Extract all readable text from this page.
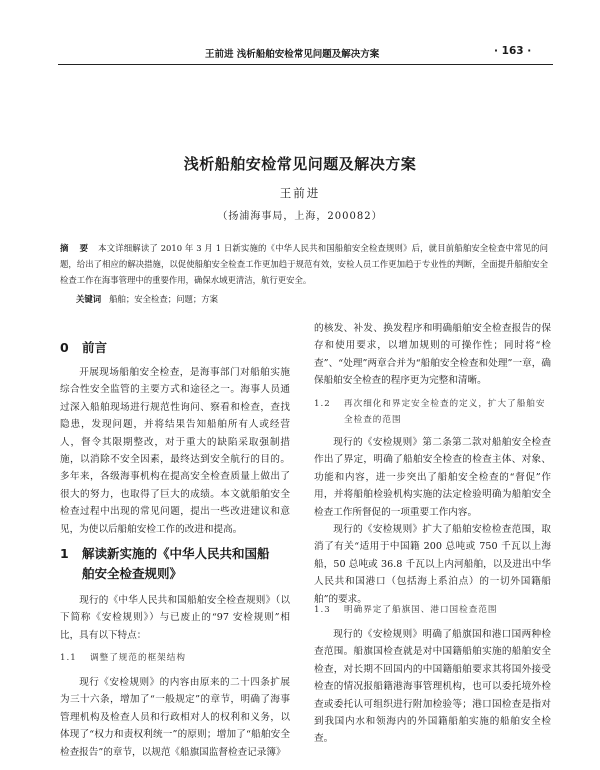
王前进 浅析船舶安检常见问题及解决方案	· 163 ·
浅析船舶安检常见问题及解决方案
王前进
（扬浦海事局，上海，200082）
摘 要 本文详细解读了 2010 年 3 月 1 日新实施的《中华人民共和国船舶安全检查规则》后，就目前船舶安全检查中常见的问题，给出了相应的解决措施，以促使船舶安全检查工作更加趋于规范有效，安检人员工作更加趋于专业性的判断，全面提升船舶安全检查工作在海事管理中的重要作用，确保水域更清洁，航行更安全。
关键词 船舶；安全检查；问题；方案
0 前言

开展现场船舶安全检查，是海事部门对船舶实施综合性安全监管的主要方式和途径之一。海事人员通过深入船舶现场进行规范性询问、察看和检查，查找隐患，发现问题，并将结果告知船舶所有人或经营人，督令其限期整改，对于重大的缺陷采取强制措施，以消除不安全因素，最终达到安全航行的目的。多年来，各级海事机构在提高安全检查质量上做出了很大的努力，也取得了巨大的成绩。本文就船舶安全检查过程中出现的常见问题，提出一些改进建议和意见，为使以后船舶安检工作的改进和提高。

1 解读新实施的《中华人民共和国船
舶安全检查规则》

现行的《中华人民共和国船舶安全检查规则》（以下简称《安检规则》）与已废止的“97 安检规则”相比，具有以下特点：

1.1 调整了规范的框架结构

现行《安检规则》的内容由原来的二十四条扩展为三十六条，增加了“一般规定”的章节，明确了海事管理机构及检查人员和行政相对人的权利和义务，以体现了“权力和责权利统一”的原则；增加了“船舶安全检查报告”的章节，以规范《船旗国监督检查记录簿》

的核发、补发、换发程序和明确船舶安全检查报告的保存和使用要求，以增加规则的可操作性；同时将“检查”、“处理”两章合并为“船舶安全检查和处理”一章，确保船舶安全检查的程序更为完整和清晰。

1.2 再次细化和界定安全检查的定义，扩大了船舶安
全检查的范围

现行的《安检规则》第二条第二款对船舶安全检查作出了界定，明确了船舶安全检查的检查主体、对象、功能和内容，进一步突出了船舶安全检查的“督促”作用，并将船舶检验机构实施的法定检验明确为船舶安全检查工作所督促的一项重要工作内容。

现行的《安检规则》扩大了船舶安检检查范围，取消了有关“适用于中国籍 200 总吨或 750 千瓦以上海船，50 总吨或 36.8 千瓦以上内河船舶，以及进出中华人民共和国港口（包括海上系泊点）的一切外国籍船舶”的要求。

1.3 明确界定了船旗国、港口国检查范围

现行的《安检规则》明确了船旗国和港口国两种检查范围。船旗国检查就是对中国籍船舶实施的船舶安全检查，对长期不回国内的中国籍船舶要求其将国外接受检查的情况报船籍港海事管理机构，也可以委托境外检查或委托认可组织进行附加检验等；港口国检查是指对到我国内水和领海内的外国籍船舶实施的船舶安全检查。
